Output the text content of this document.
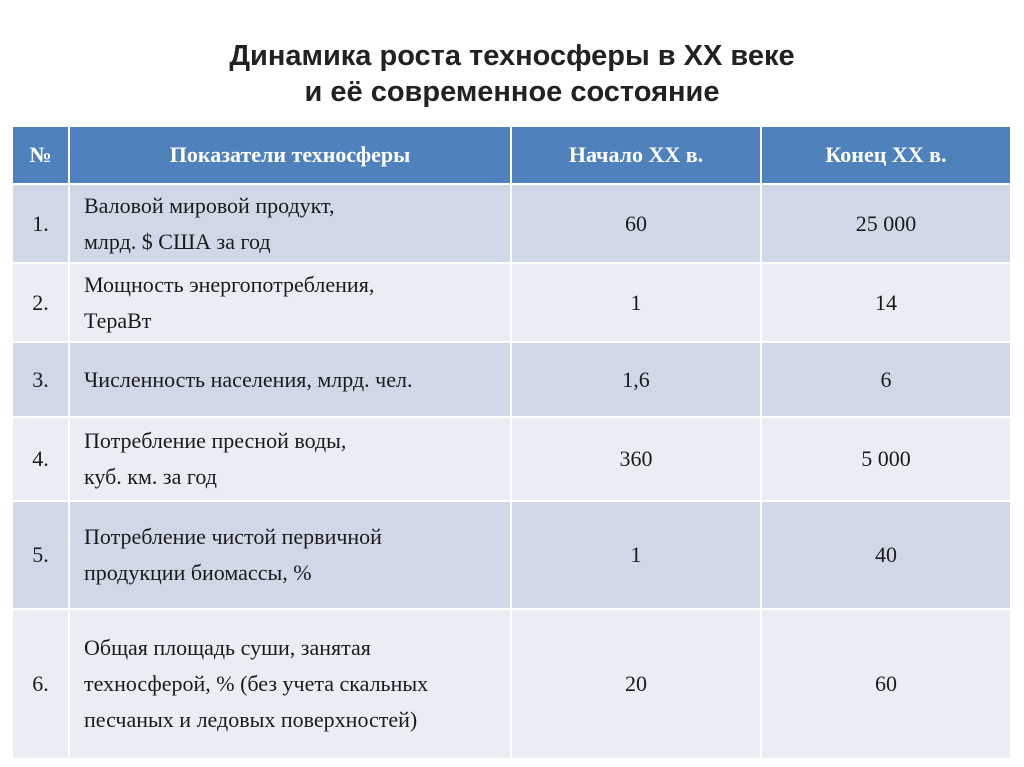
Динамика роста техносферы в XX веке
и её современное состояние
№	Показатели техносферы	Начало XX в.	Конец XX в.
1.	Валовой мировой продукт,
млрд. $ США за год	60	25 000
2.	Мощность энергопотребления,
ТераВт	1	14
3.	Численность населения, млрд. чел.	1,6	6
4.	Потребление пресной воды,
куб. км. за год	360	5 000
5.	Потребление чистой первичной
продукции биомассы, %	1	40
6.	Общая площадь суши, занятая
техносферой, % (без учета скальных
песчаных и ледовых поверхностей)	20	60
